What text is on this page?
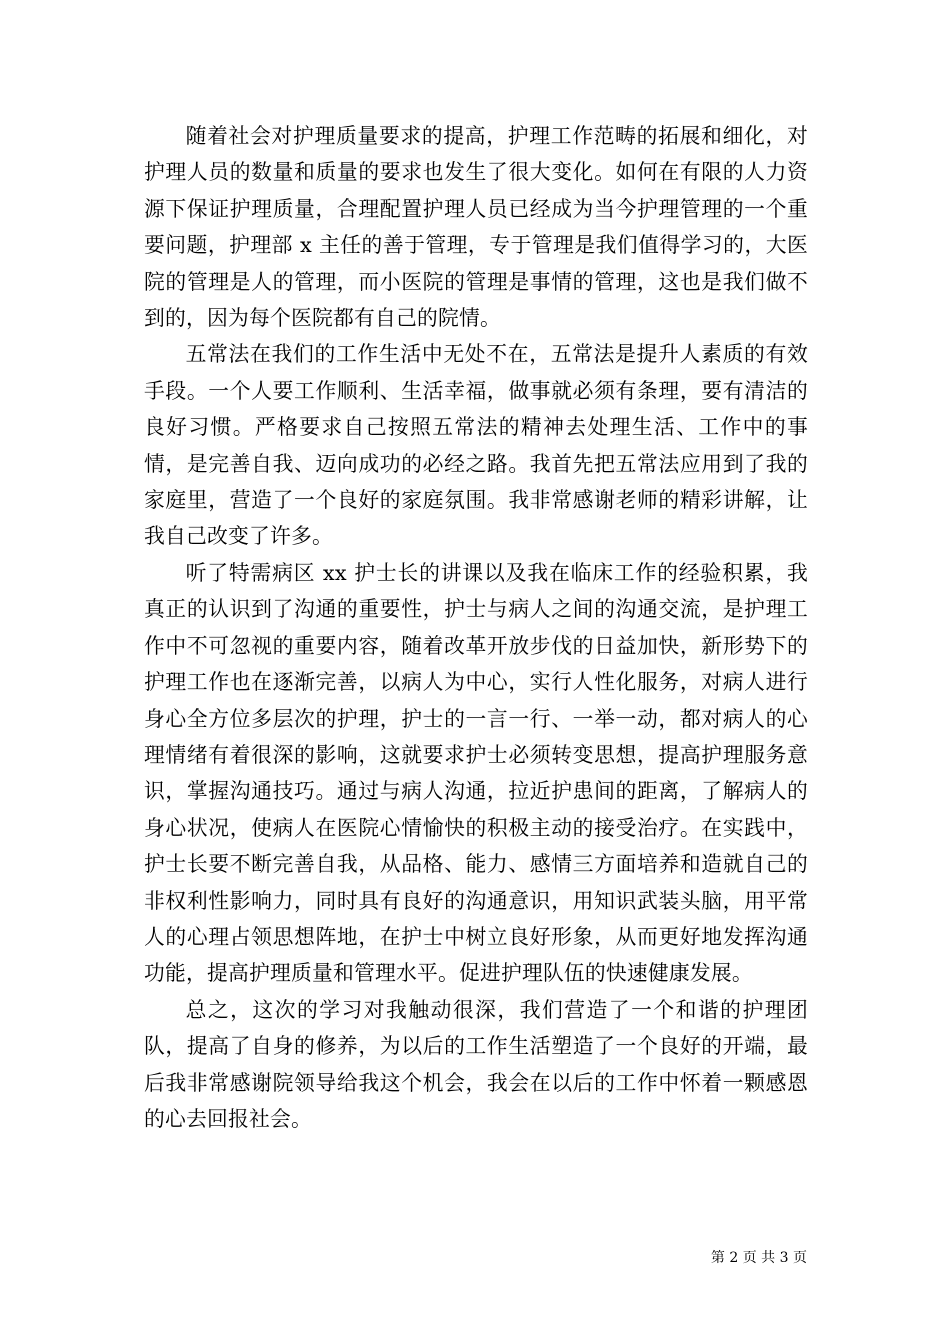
随着社会对护理质量要求的提高，护理工作范畴的拓展和细化，对护理人员的数量和质量的要求也发生了很大变化。如何在有限的人力资源下保证护理质量，合理配置护理人员已经成为当今护理管理的一个重要问题，护理部 x 主任的善于管理，专于管理是我们值得学习的，大医院的管理是人的管理，而小医院的管理是事情的管理，这也是我们做不到的，因为每个医院都有自己的院情。

五常法在我们的工作生活中无处不在，五常法是提升人素质的有效手段。一个人要工作顺利、生活幸福，做事就必须有条理，要有清洁的良好习惯。严格要求自己按照五常法的精神去处理生活、工作中的事情，是完善自我、迈向成功的必经之路。我首先把五常法应用到了我的家庭里，营造了一个良好的家庭氛围。我非常感谢老师的精彩讲解，让我自己改变了许多。

听了特需病区 xx 护士长的讲课以及我在临床工作的经验积累，我真正的认识到了沟通的重要性，护士与病人之间的沟通交流，是护理工作中不可忽视的重要内容，随着改革开放步伐的日益加快，新形势下的护理工作也在逐渐完善，以病人为中心，实行人性化服务，对病人进行身心全方位多层次的护理，护士的一言一行、一举一动，都对病人的心理情绪有着很深的影响，这就要求护士必须转变思想，提高护理服务意识，掌握沟通技巧。通过与病人沟通，拉近护患间的距离，了解病人的身心状况，使病人在医院心情愉快的积极主动的接受治疗。在实践中，护士长要不断完善自我，从品格、能力、感情三方面培养和造就自己的非权利性影响力，同时具有良好的沟通意识，用知识武装头脑，用平常人的心理占领思想阵地，在护士中树立良好形象，从而更好地发挥沟通功能，提高护理质量和管理水平。促进护理队伍的快速健康发展。

总之，这次的学习对我触动很深，我们营造了一个和谐的护理团队，提高了自身的修养，为以后的工作生活塑造了一个良好的开端，最后我非常感谢院领导给我这个机会，我会在以后的工作中怀着一颗感恩的心去回报社会。

第 2 页 共 3 页
